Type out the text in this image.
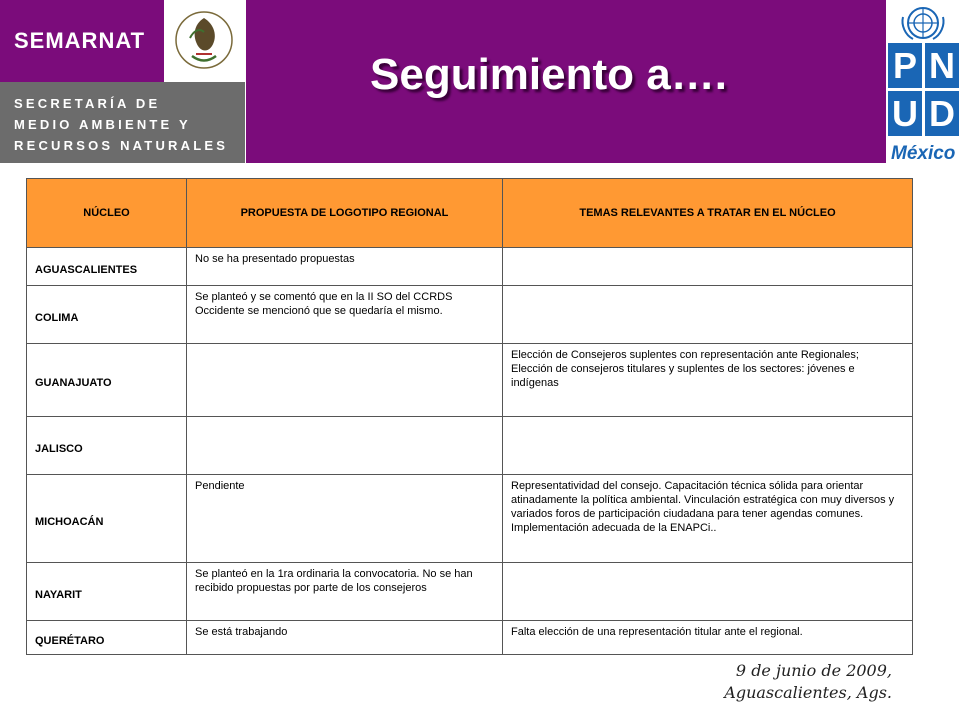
SEMARNAT
SECRETARÍA DE
MEDIO AMBIENTE Y
RECURSOS NATURALES
Seguimiento a….	P N
U D
México
NÚCLEO	PROPUESTA DE LOGOTIPO REGIONAL	TEMAS RELEVANTES A TRATAR EN EL NÚCLEO
AGUASCALIENTES	No se ha presentado propuestas	
COLIMA	Se planteó y se comentó que en la II SO del CCRDS Occidente se mencionó que se quedaría el mismo.	
GUANAJUATO		Elección de Consejeros suplentes con representación ante Regionales;
Elección de consejeros titulares y suplentes de los sectores: jóvenes e indígenas
JALISCO		
MICHOACÁN	Pendiente	Representatividad del consejo. Capacitación técnica sólida para orientar atinadamente la política ambiental. Vinculación estratégica con muy diversos y variados foros de participación ciudadana para tener agendas comunes. Implementación adecuada de la ENAPCi..
NAYARIT	Se planteó en la 1ra ordinaria la convocatoria. No se han recibido propuestas por parte de los consejeros	
QUERÉTARO	Se está trabajando	Falta elección de una representación titular ante el regional.
9 de junio de 2009,
Aguascalientes, Ags.
